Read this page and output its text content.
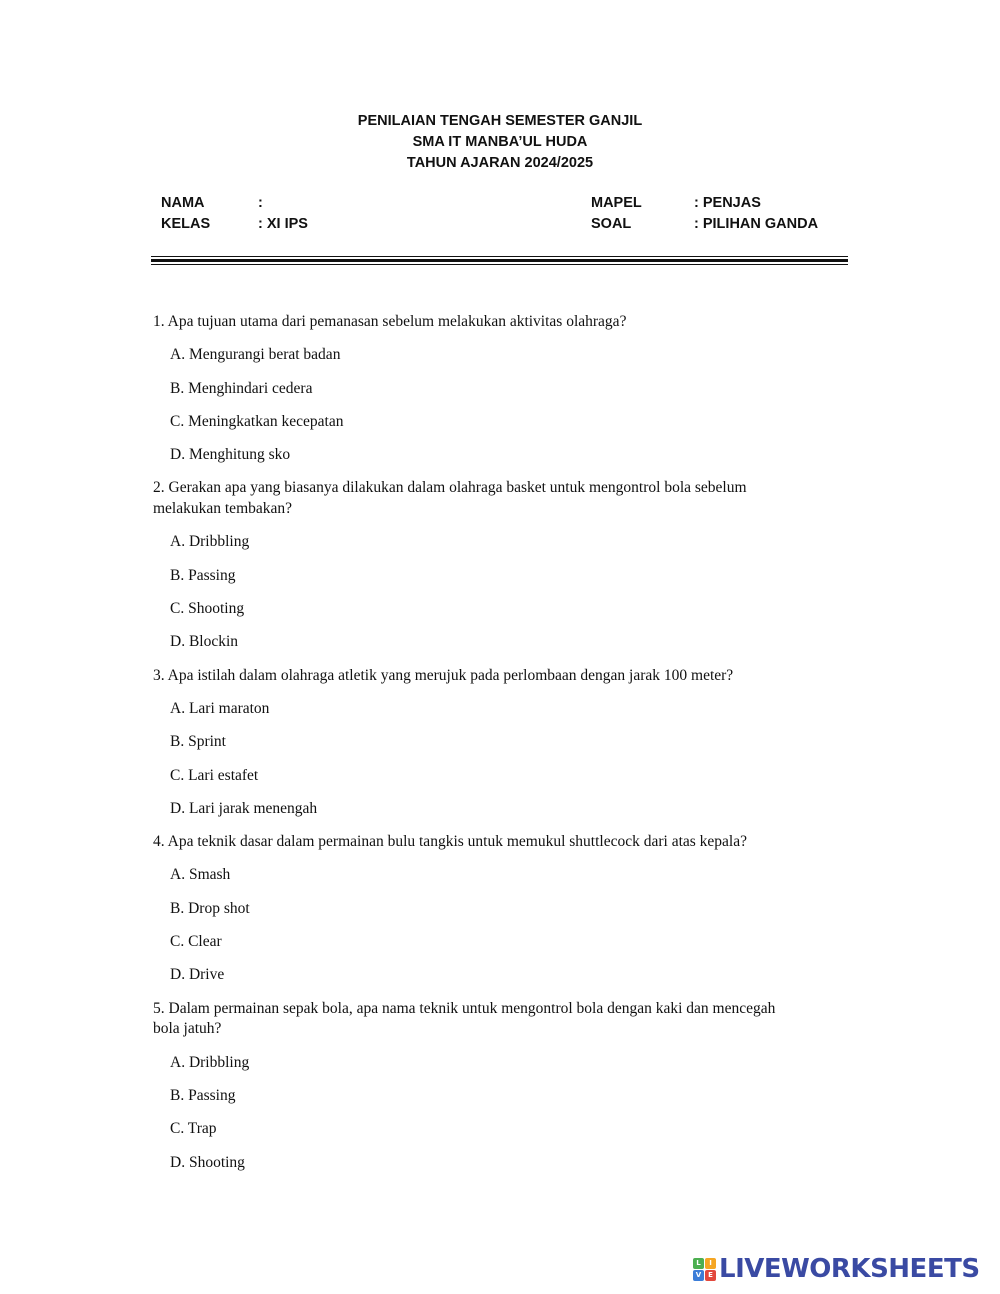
PENILAIAN TENGAH SEMESTER GANJIL
SMA IT MANBA’UL HUDA
TAHUN AJARAN 2024/2025
NAMA	:
KELAS	: XI IPS
MAPEL	: PENJAS
SOAL	: PILIHAN GANDA
1. Apa tujuan utama dari pemanasan sebelum melakukan aktivitas olahraga?
A. Mengurangi berat badan
B. Menghindari cedera
C. Meningkatkan kecepatan
D. Menghitung sko
2. Gerakan apa yang biasanya dilakukan dalam olahraga basket untuk mengontrol bola sebelum
melakukan tembakan?
A. Dribbling
B. Passing
C. Shooting
D. Blockin
3. Apa istilah dalam olahraga atletik yang merujuk pada perlombaan dengan jarak 100 meter?
A. Lari maraton
B. Sprint
C. Lari estafet
D. Lari jarak menengah
4. Apa teknik dasar dalam permainan bulu tangkis untuk memukul shuttlecock dari atas kepala?
A. Smash
B. Drop shot
C. Clear
D. Drive
5. Dalam permainan sepak bola, apa nama teknik untuk mengontrol bola dengan kaki dan mencegah
bola jatuh?
A. Dribbling
B. Passing
C. Trap
D. Shooting
L	I
V E LIVEWORKSHEETS
